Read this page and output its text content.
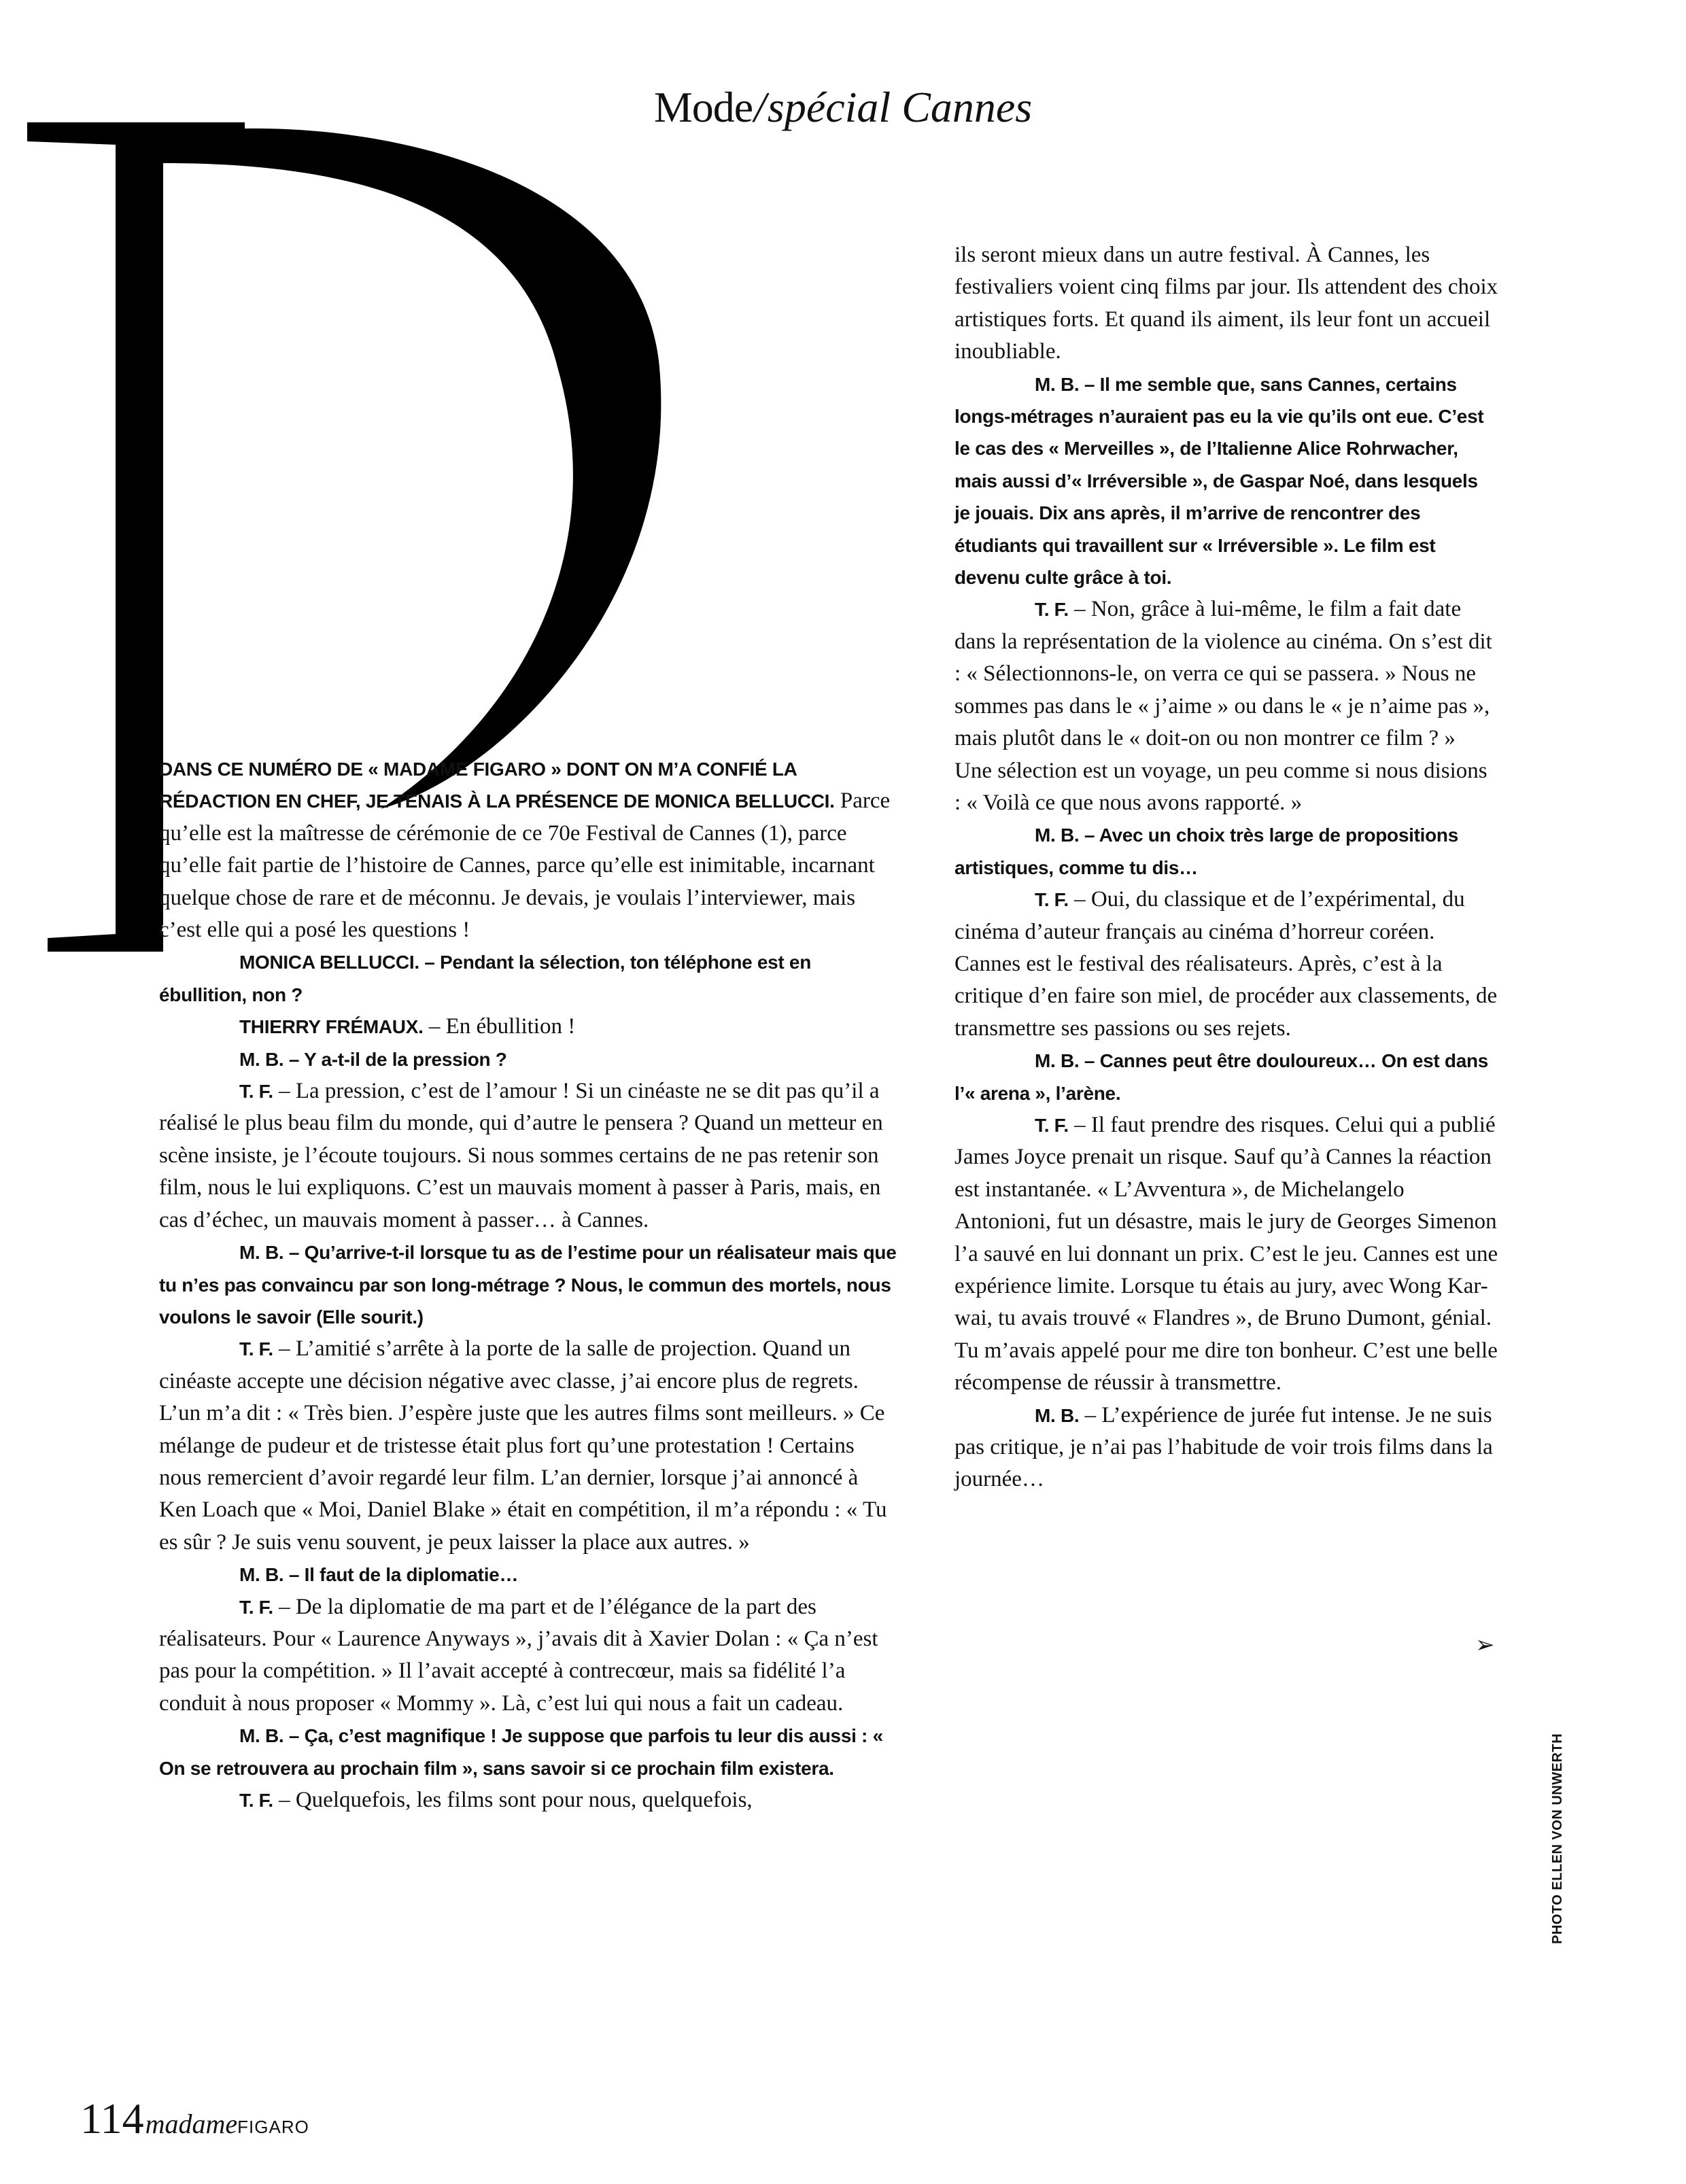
Mode/spécial Cannes

DANS CE NUMÉRO DE « MADAME FIGARO » DONT ON M’A CONFIÉ LA RÉDACTION EN CHEF, JE TENAIS À LA PRÉSENCE DE MONICA BELLUCCI. Parce qu’elle est la maîtresse de cérémonie de ce 70e Festival de Cannes (1), parce qu’elle fait partie de l’histoire de Cannes, parce qu’elle est inimitable, incarnant quelque chose de rare et de méconnu. Je devais, je voulais l’interviewer, mais c’est elle qui a posé les questions !

MONICA BELLUCCI. – Pendant la sélection, ton téléphone est en ébullition, non ?

THIERRY FRÉMAUX. – En ébullition !

M. B. – Y a-t-il de la pression ?

T. F. – La pression, c’est de l’amour ! Si un cinéaste ne se dit pas qu’il a réalisé le plus beau film du monde, qui d’autre le pensera ? Quand un metteur en scène insiste, je l’écoute toujours. Si nous sommes certains de ne pas retenir son film, nous le lui expliquons. C’est un mauvais moment à passer à Paris, mais, en cas d’échec, un mauvais moment à passer… à Cannes.

M. B. – Qu’arrive-t-il lorsque tu as de l’estime pour un réalisateur mais que tu n’es pas convaincu par son long-métrage ? Nous, le commun des mortels, nous voulons le savoir (Elle sourit.)

T. F. – L’amitié s’arrête à la porte de la salle de projection. Quand un cinéaste accepte une décision négative avec classe, j’ai encore plus de regrets. L’un m’a dit : « Très bien. J’espère juste que les autres films sont meilleurs. » Ce mélange de pudeur et de tristesse était plus fort qu’une protestation ! Certains nous remercient d’avoir regardé leur film. L’an dernier, lorsque j’ai annoncé à Ken Loach que « Moi, Daniel Blake » était en compétition, il m’a répondu : « Tu es sûr ? Je suis venu souvent, je peux laisser la place aux autres. »

M. B. – Il faut de la diplomatie…

T. F. – De la diplomatie de ma part et de l’élégance de la part des réalisateurs. Pour « Laurence Anyways », j’avais dit à Xavier Dolan : « Ça n’est pas pour la compétition. » Il l’avait accepté à contrecœur, mais sa fidélité l’a conduit à nous proposer « Mommy ». Là, c’est lui qui nous a fait un cadeau.

M. B. – Ça, c’est magnifique ! Je suppose que parfois tu leur dis aussi : « On se retrouvera au prochain film », sans savoir si ce prochain film existera.

T. F. – Quelquefois, les films sont pour nous, quelquefois,

ils seront mieux dans un autre festival. À Cannes, les festivaliers voient cinq films par jour. Ils attendent des choix artistiques forts. Et quand ils aiment, ils leur font un accueil inoubliable.

M. B. – Il me semble que, sans Cannes, certains longs-métrages n’auraient pas eu la vie qu’ils ont eue. C’est le cas des « Merveilles », de l’Italienne Alice Rohrwacher, mais aussi d’« Irréversible », de Gaspar Noé, dans lesquels je jouais. Dix ans après, il m’arrive de rencontrer des étudiants qui travaillent sur « Irréversible ». Le film est devenu culte grâce à toi.

T. F. – Non, grâce à lui-même, le film a fait date dans la représentation de la violence au cinéma. On s’est dit : « Sélectionnons-le, on verra ce qui se passera. » Nous ne sommes pas dans le « j’aime » ou dans le « je n’aime pas », mais plutôt dans le « doit-on ou non montrer ce film ? » Une sélection est un voyage, un peu comme si nous disions : « Voilà ce que nous avons rapporté. »

M. B. – Avec un choix très large de propositions artistiques, comme tu dis…

T. F. – Oui, du classique et de l’expérimental, du cinéma d’auteur français au cinéma d’horreur coréen. Cannes est le festival des réalisateurs. Après, c’est à la critique d’en faire son miel, de procéder aux classements, de transmettre ses passions ou ses rejets.

M. B. – Cannes peut être douloureux… On est dans l’« arena », l’arène.

T. F. – Il faut prendre des risques. Celui qui a publié James Joyce prenait un risque. Sauf qu’à Cannes la réaction est instantanée. « L’Avventura », de Michelangelo Antonioni, fut un désastre, mais le jury de Georges Simenon l’a sauvé en lui donnant un prix. C’est le jeu. Cannes est une expérience limite. Lorsque tu étais au jury, avec Wong Kar-wai, tu avais trouvé « Flandres », de Bruno Dumont, génial. Tu m’avais appelé pour me dire ton bonheur. C’est une belle récompense de réussir à transmettre.

M. B. – L’expérience de jurée fut intense. Je ne suis pas critique, je n’ai pas l’habitude de voir trois films dans la journée…

➢
PHOTO ELLEN VON UNWERTH
114 madame FIGARO
